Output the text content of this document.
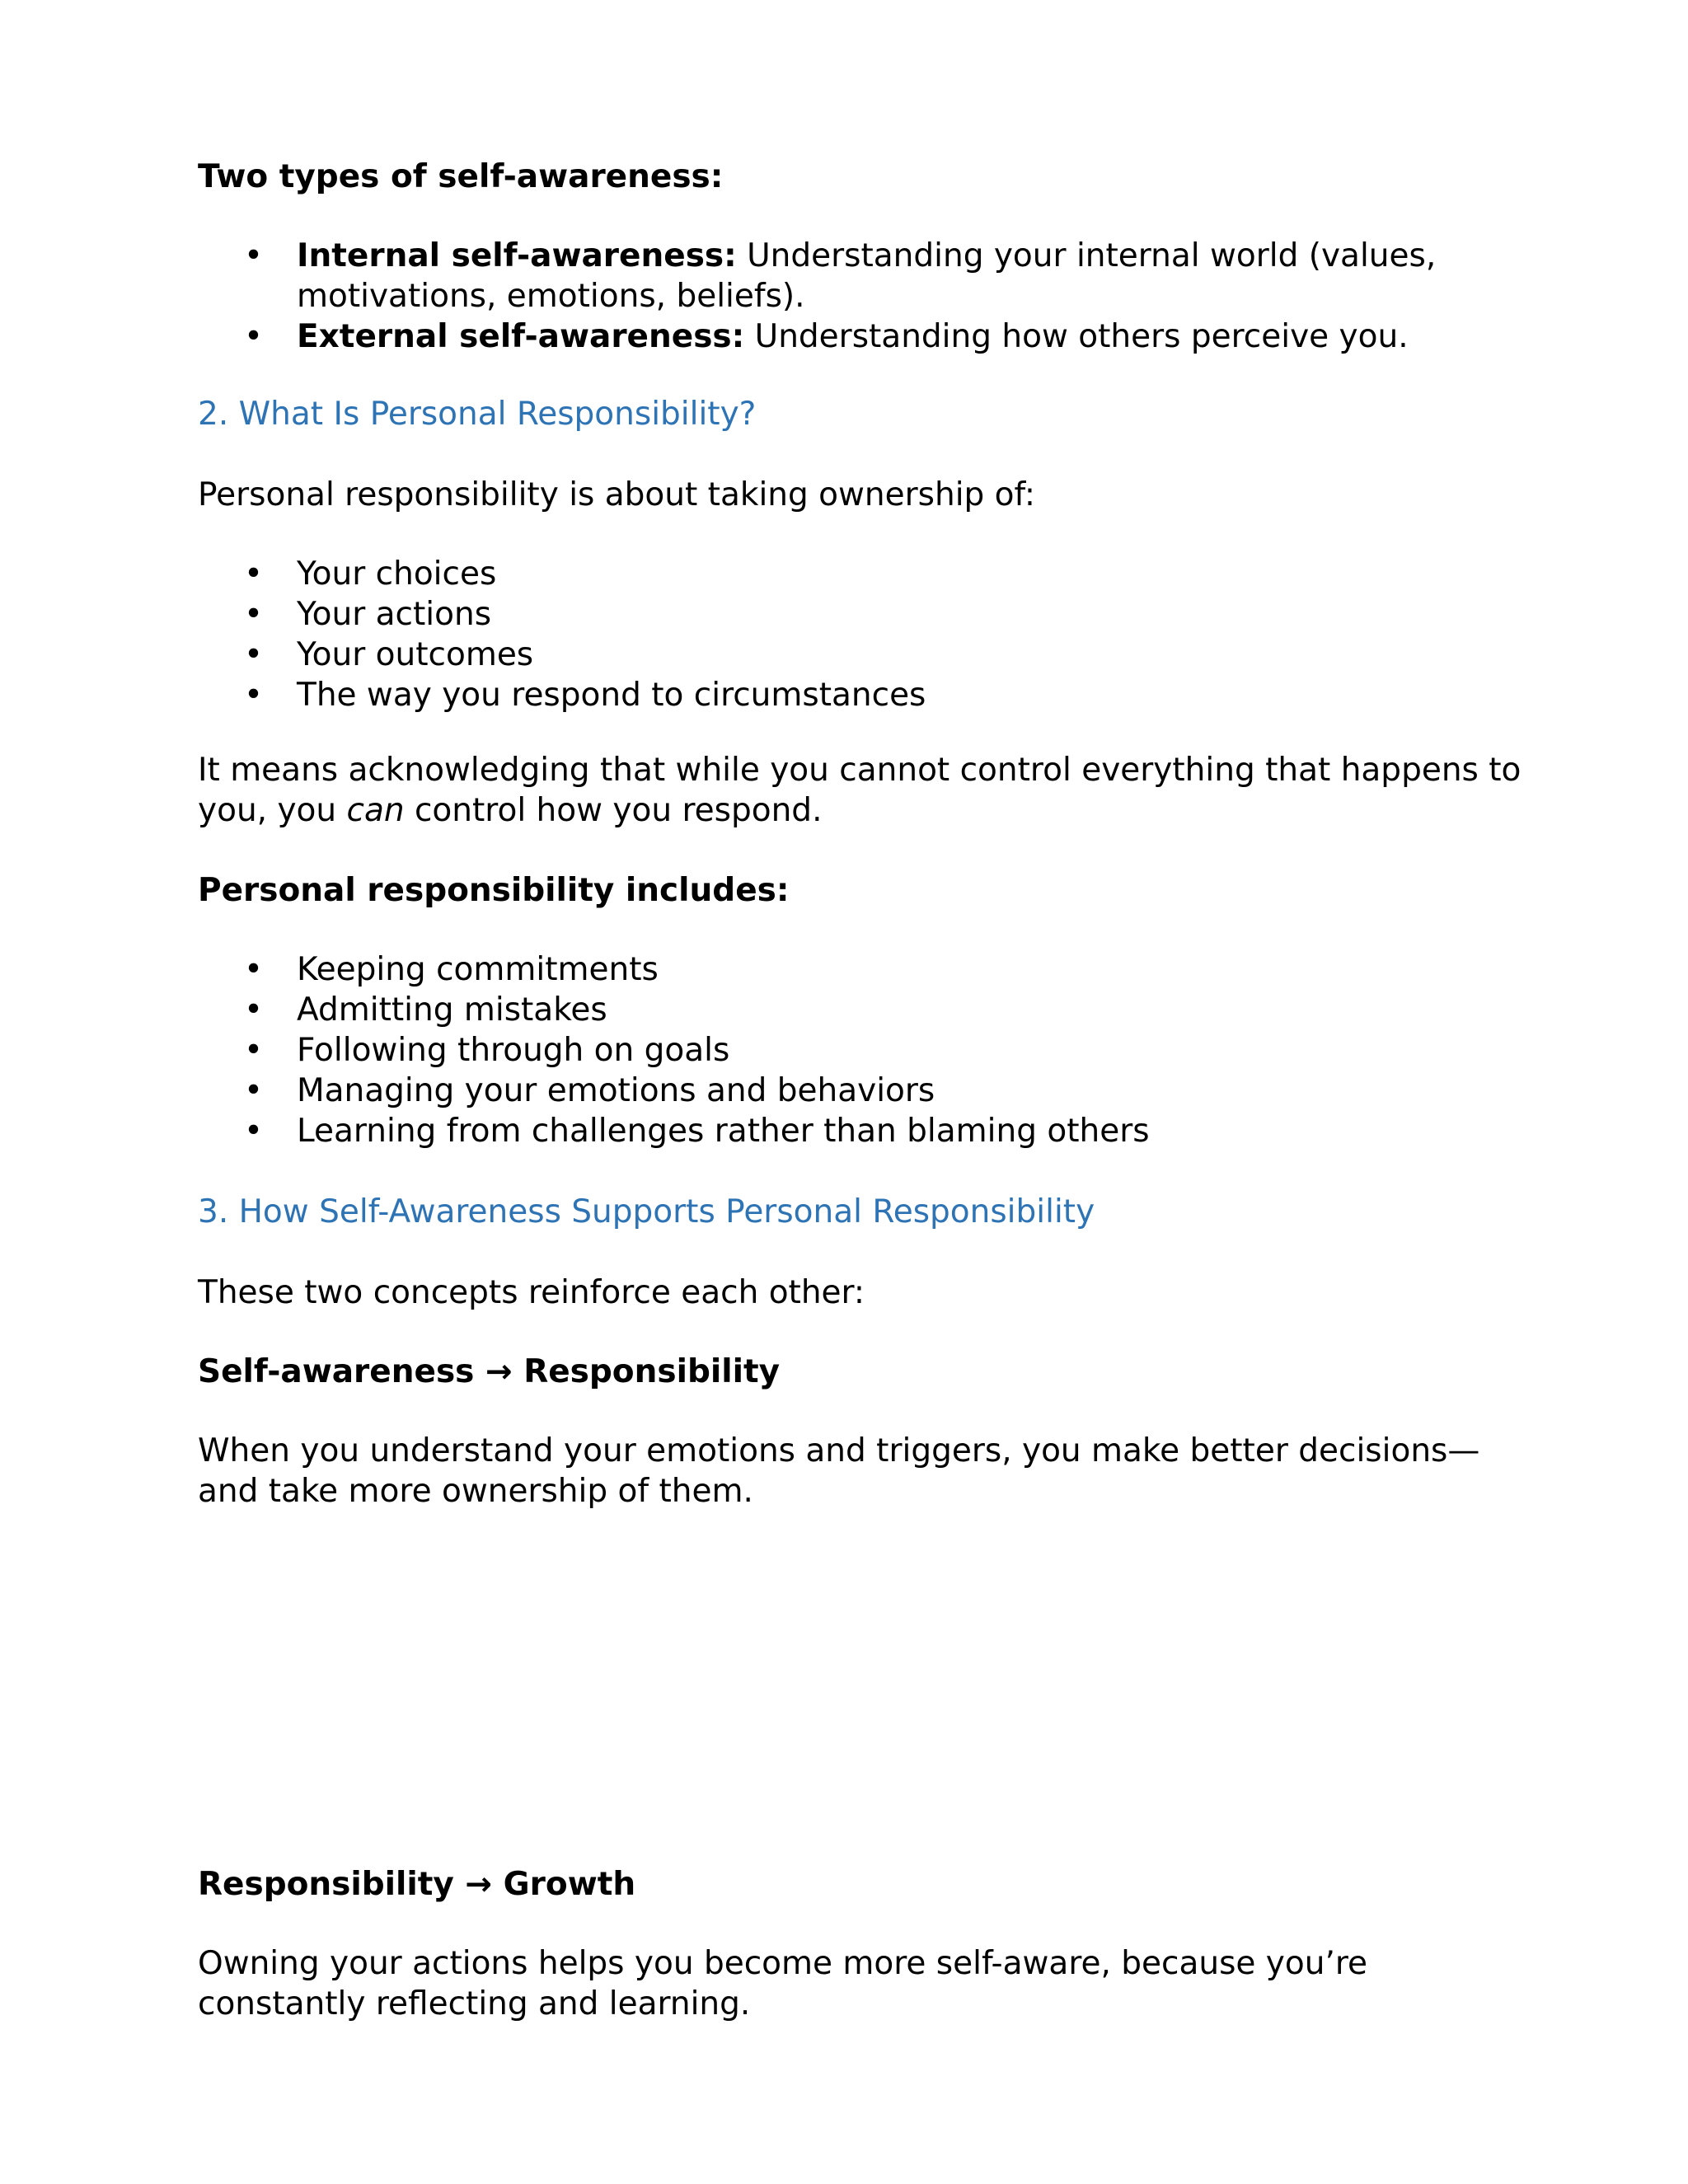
Two types of self-awareness:

• Internal self-awareness: Understanding your internal world (values, motivations, emotions, beliefs).
• External self-awareness: Understanding how others perceive you.

2. What Is Personal Responsibility?

Personal responsibility is about taking ownership of:

• Your choices
• Your actions
• Your outcomes
• The way you respond to circumstances

It means acknowledging that while you cannot control everything that happens to you, you can control how you respond.

Personal responsibility includes:

• Keeping commitments
• Admitting mistakes
• Following through on goals
• Managing your emotions and behaviors
• Learning from challenges rather than blaming others

3. How Self-Awareness Supports Personal Responsibility

These two concepts reinforce each other:

Self-awareness → Responsibility

When you understand your emotions and triggers, you make better decisions—and take more ownership of them.

Responsibility → Growth

Owning your actions helps you become more self-aware, because you’re constantly reflecting and learning.
